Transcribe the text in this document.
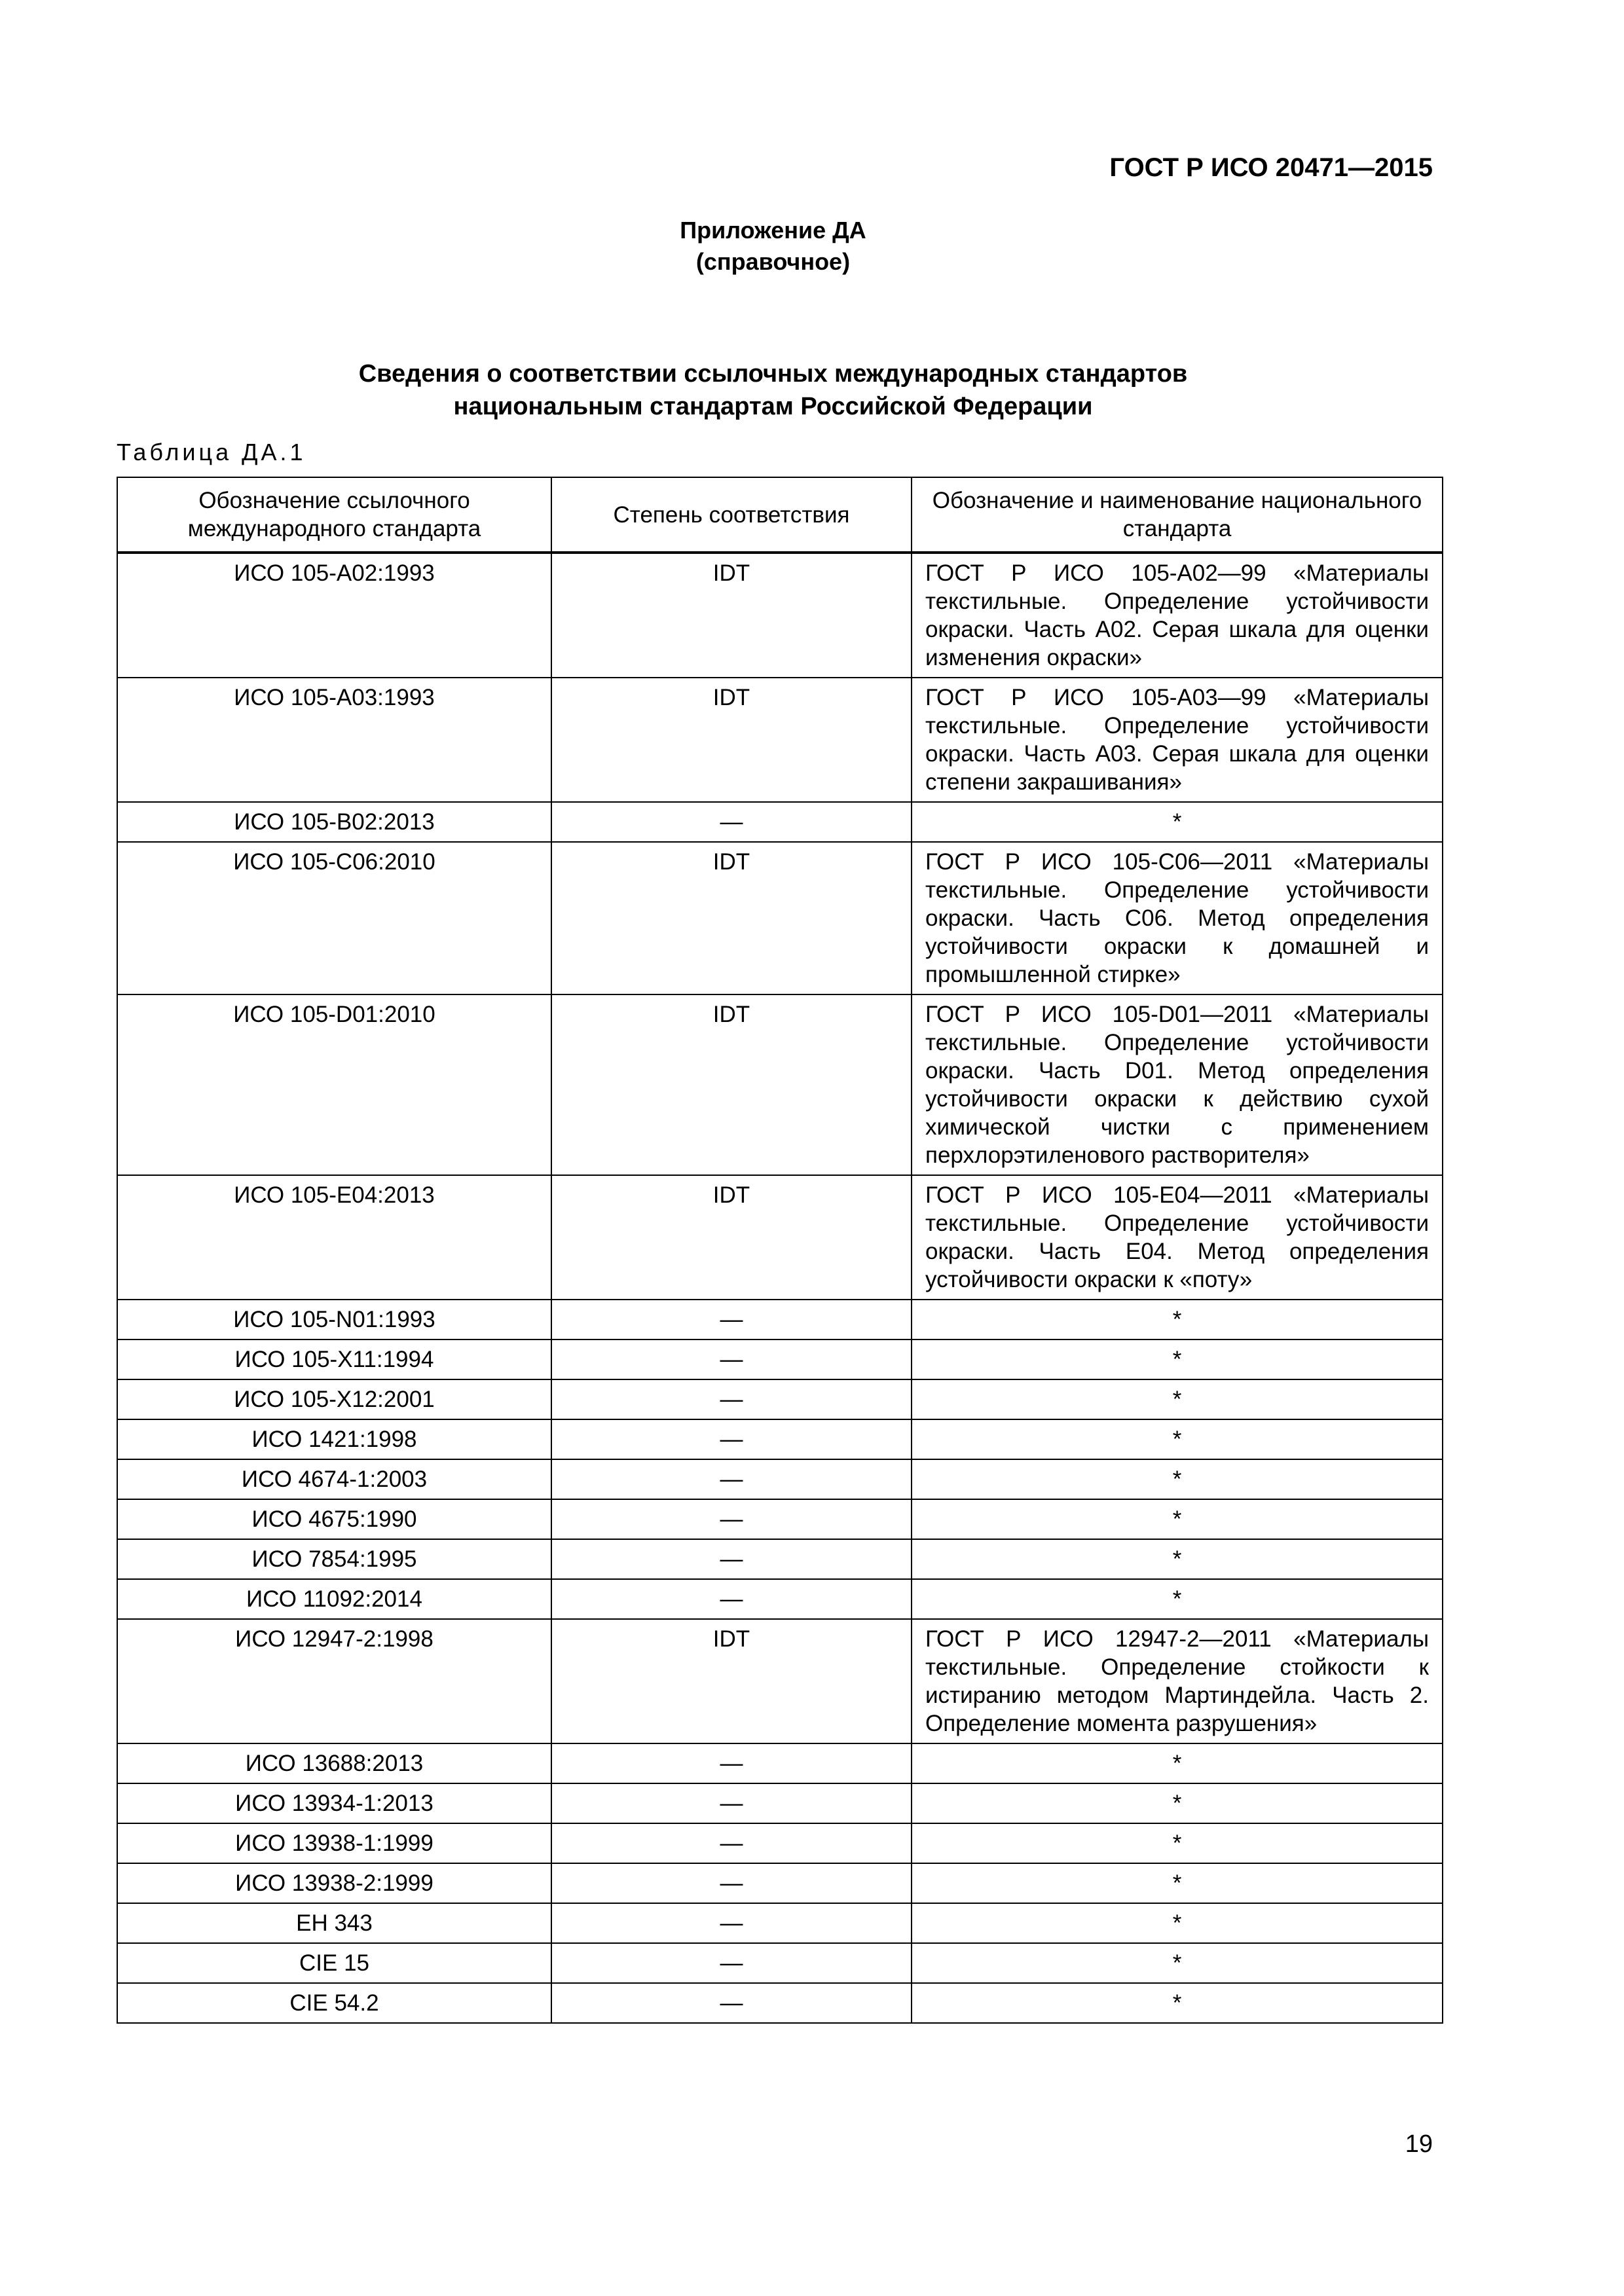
ГОСТ Р ИСО 20471—2015
Приложение ДА
(справочное)
Сведения о соответствии ссылочных международных стандартов
национальным стандартам Российской Федерации
Таблица ДА.1
Обозначение ссылочного международного стандарта	Степень соответствия	Обозначение и наименование национального стандарта
ИСО 105-A02:1993	IDT	ГОСТ Р ИСО 105-A02—99 «Материалы текстильные. Определение устойчивости окраски. Часть A02. Серая шкала для оценки изменения окраски»
ИСО 105-A03:1993	IDT	ГОСТ Р ИСО 105-A03—99 «Материалы текстильные. Определение устойчивости окраски. Часть A03. Серая шкала для оценки степени закрашивания»
ИСО 105-B02:2013	—	*
ИСО 105-C06:2010	IDT	ГОСТ Р ИСО 105-C06—2011 «Материалы текстильные. Определение устойчивости окраски. Часть C06. Метод определения устойчивости окраски к домашней и промышленной стирке»
ИСО 105-D01:2010	IDT	ГОСТ Р ИСО 105-D01—2011 «Материалы текстильные. Определение устойчивости окраски. Часть D01. Метод определения устойчивости окраски к действию сухой химической чистки с применением перхлорэтиленового растворителя»
ИСО 105-E04:2013	IDT	ГОСТ Р ИСО 105-E04—2011 «Материалы текстильные. Определение устойчивости окраски. Часть E04. Метод определения устойчивости окраски к «поту»
ИСО 105-N01:1993	—	*
ИСО 105-X11:1994	—	*
ИСО 105-X12:2001	—	*
ИСО 1421:1998	—	*
ИСО 4674-1:2003	—	*
ИСО 4675:1990	—	*
ИСО 7854:1995	—	*
ИСО 11092:2014	—	*
ИСО 12947-2:1998	IDT	ГОСТ Р ИСО 12947-2—2011 «Материалы текстильные. Определение стойкости к истиранию методом Мартиндейла. Часть 2. Определение момента разрушения»
ИСО 13688:2013	—	*
ИСО 13934-1:2013	—	*
ИСО 13938-1:1999	—	*
ИСО 13938-2:1999	—	*
ЕН 343	—	*
CIE 15	—	*
CIE 54.2	—	*
19
